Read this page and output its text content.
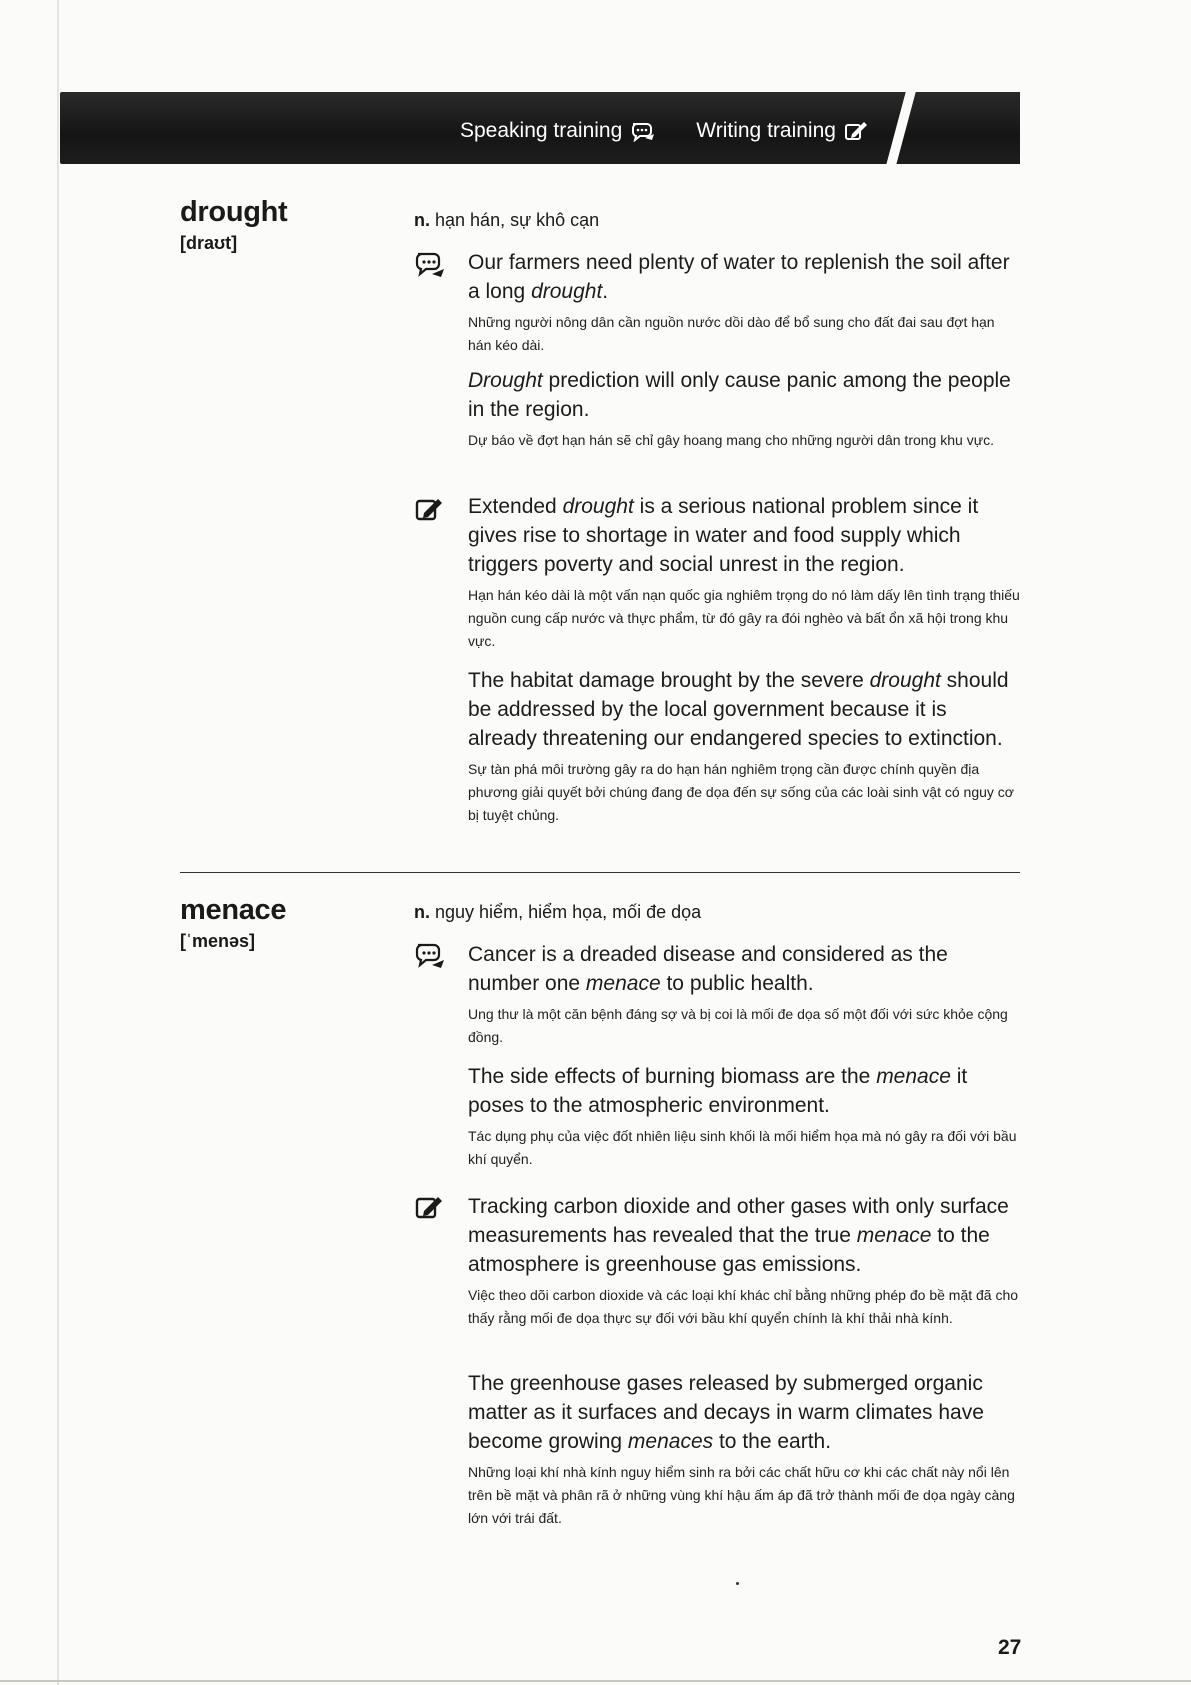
Speaking training	Writing training
drought
[draʊt]
n. hạn hán, sự khô cạn
Our farmers need plenty of water to replenish the soil after a long drought.
Những người nông dân cần nguồn nước dồi dào để bổ sung cho đất đai sau đợt hạn hán kéo dài.
Drought prediction will only cause panic among the people in the region.
Dự báo về đợt hạn hán sẽ chỉ gây hoang mang cho những người dân trong khu vực.
Extended drought is a serious national problem since it gives rise to shortage in water and food supply which triggers poverty and social unrest in the region.
Hạn hán kéo dài là một vấn nạn quốc gia nghiêm trọng do nó làm dấy lên tình trạng thiếu nguồn cung cấp nước và thực phẩm, từ đó gây ra đói nghèo và bất ổn xã hội trong khu vực.
The habitat damage brought by the severe drought should be addressed by the local government because it is already threatening our endangered species to extinction.
Sự tàn phá môi trường gây ra do hạn hán nghiêm trọng cần được chính quyền địa phương giải quyết bởi chúng đang đe dọa đến sự sống của các loài sinh vật có nguy cơ bị tuyệt chủng.
menace
[ˈmenəs]
n. nguy hiểm, hiểm họa, mối đe dọa
Cancer is a dreaded disease and considered as the number one menace to public health.
Ung thư là một căn bệnh đáng sợ và bị coi là mối đe dọa số một đối với sức khỏe cộng đồng.
The side effects of burning biomass are the menace it poses to the atmospheric environment.
Tác dụng phụ của việc đốt nhiên liệu sinh khối là mối hiểm họa mà nó gây ra đối với bầu khí quyển.
Tracking carbon dioxide and other gases with only surface measurements has revealed that the true menace to the atmosphere is greenhouse gas emissions.
Việc theo dõi carbon dioxide và các loại khí khác chỉ bằng những phép đo bề mặt đã cho thấy rằng mối đe dọa thực sự đối với bầu khí quyển chính là khí thải nhà kính.
The greenhouse gases released by submerged organic matter as it surfaces and decays in warm climates have become growing menaces to the earth.
Những loại khí nhà kính nguy hiểm sinh ra bởi các chất hữu cơ khi các chất này nổi lên trên bề mặt và phân rã ở những vùng khí hậu ấm áp đã trở thành mối đe dọa ngày càng lớn với trái đất.
27
